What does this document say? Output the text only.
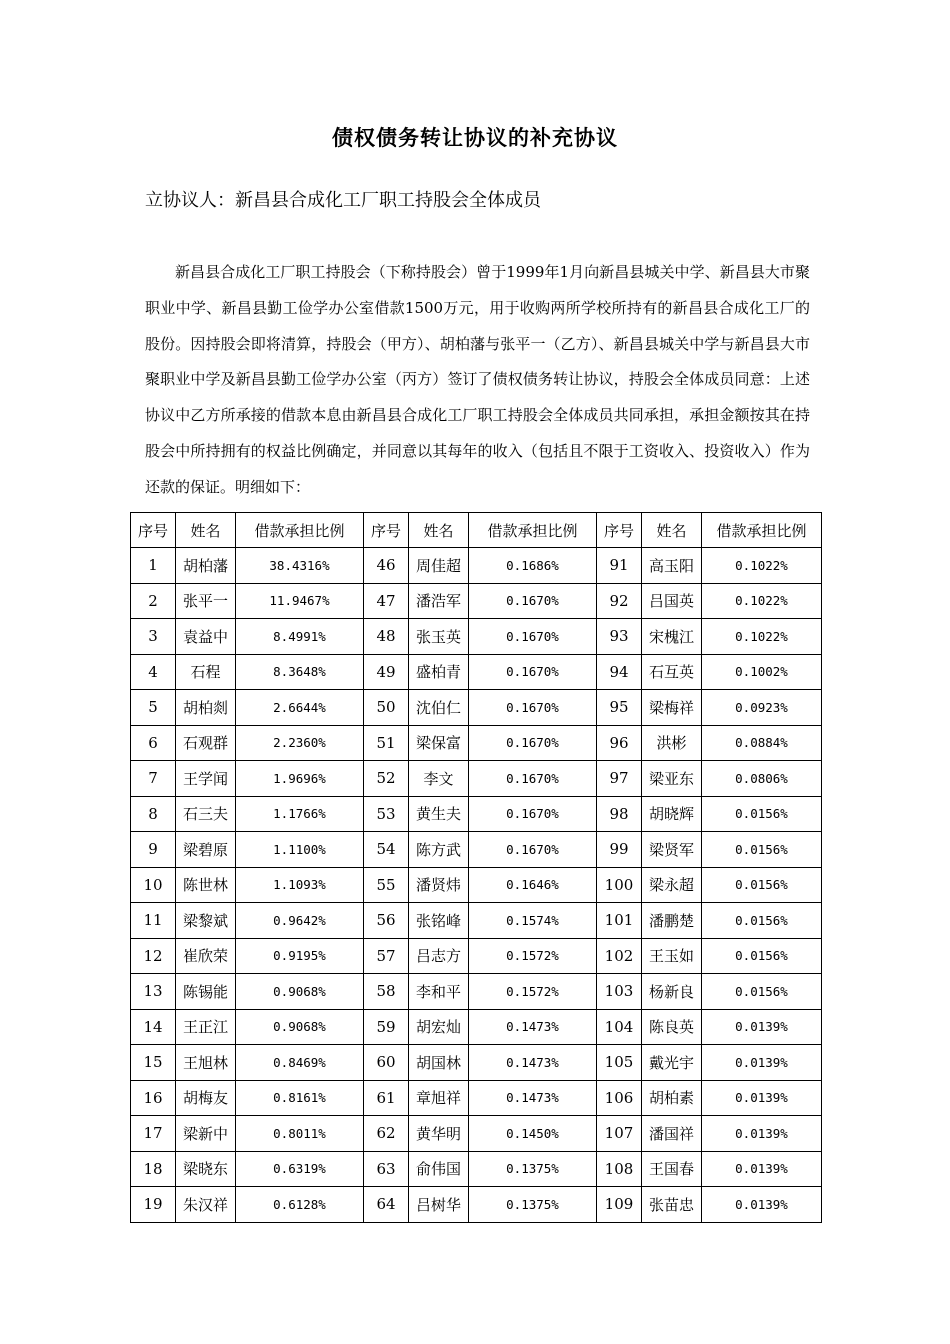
债权债务转让协议的补充协议
立协议人：新昌县合成化工厂职工持股会全体成员
新昌县合成化工厂职工持股会（下称持股会）曾于1999年1月向新昌县城关中学、新昌县大市聚职业中学、新昌县勤工俭学办公室借款1500万元，用于收购两所学校所持有的新昌县合成化工厂的股份。因持股会即将清算，持股会（甲方）、胡柏藩与张平一（乙方）、新昌县城关中学与新昌县大市聚职业中学及新昌县勤工俭学办公室（丙方）签订了债权债务转让协议，持股会全体成员同意：上述协议中乙方所承接的借款本息由新昌县合成化工厂职工持股会全体成员共同承担，承担金额按其在持股会中所持拥有的权益比例确定，并同意以其每年的收入（包括且不限于工资收入、投资收入）作为还款的保证。明细如下：
序号	姓名	借款承担比例	序号	姓名	借款承担比例	序号	姓名	借款承担比例
1	胡柏藩	38.4316%	46	周佳超	0.1686%	91	高玉阳	0.1022%
2	张平一	11.9467%	47	潘浩军	0.1670%	92	吕国英	0.1022%
3	袁益中	8.4991%	48	张玉英	0.1670%	93	宋槐江	0.1022%
4	石程	8.3648%	49	盛柏青	0.1670%	94	石互英	0.1002%
5	胡柏剡	2.6644%	50	沈伯仁	0.1670%	95	梁梅祥	0.0923%
6	石观群	2.2360%	51	梁保富	0.1670%	96	洪彬	0.0884%
7	王学闻	1.9696%	52	李文	0.1670%	97	梁亚东	0.0806%
8	石三夫	1.1766%	53	黄生夫	0.1670%	98	胡晓辉	0.0156%
9	梁碧原	1.1100%	54	陈方武	0.1670%	99	梁贤军	0.0156%
10	陈世林	1.1093%	55	潘贤炜	0.1646%	100	梁永超	0.0156%
11	梁黎斌	0.9642%	56	张铭峰	0.1574%	101	潘鹏楚	0.0156%
12	崔欣荣	0.9195%	57	吕志方	0.1572%	102	王玉如	0.0156%
13	陈锡能	0.9068%	58	李和平	0.1572%	103	杨新良	0.0156%
14	王正江	0.9068%	59	胡宏灿	0.1473%	104	陈良英	0.0139%
15	王旭林	0.8469%	60	胡国林	0.1473%	105	戴光宇	0.0139%
16	胡梅友	0.8161%	61	章旭祥	0.1473%	106	胡柏素	0.0139%
17	梁新中	0.8011%	62	黄华明	0.1450%	107	潘国祥	0.0139%
18	梁晓东	0.6319%	63	俞伟国	0.1375%	108	王国春	0.0139%
19	朱汉祥	0.6128%	64	吕树华	0.1375%	109	张苗忠	0.0139%
